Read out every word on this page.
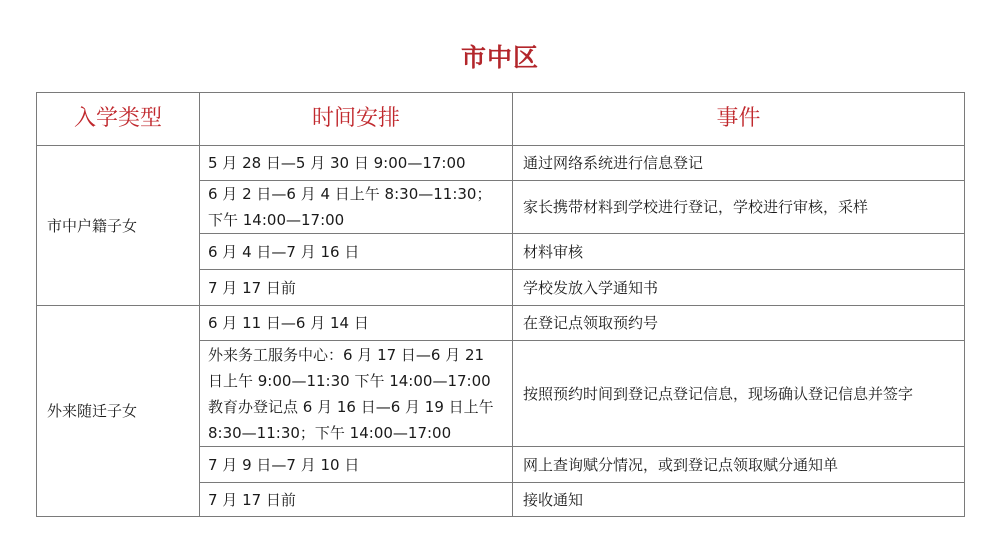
市中区
入学类型	时间安排	事件
市中户籍子女	5 月 28 日—5 月 30 日 9:00—17:00	通过网络系统进行信息登记

	6 月 2 日—6 月 4 日上午 8:30—11:30；
下午 14:00—17:00	家长携带材料到学校进行登记，学校进行审核，采样

	6 月 4 日—7 月 16 日	材料审核

	7 月 17 日前	学校发放入学通知书
外来随迁子女	6 月 11 日—6 月 14 日	在登记点领取预约号

	外来务工服务中心：6 月 17 日—6 月 21
日上午 9:00—11:30 下午 14:00—17:00
教育办登记点 6 月 16 日—6 月 19 日上午
8:30—11:30；下午 14:00—17:00	按照预约时间到登记点登记信息，现场确认登记信息并签字

	7 月 9 日—7 月 10 日	网上查询赋分情况，或到登记点领取赋分通知单

	7 月 17 日前	接收通知
